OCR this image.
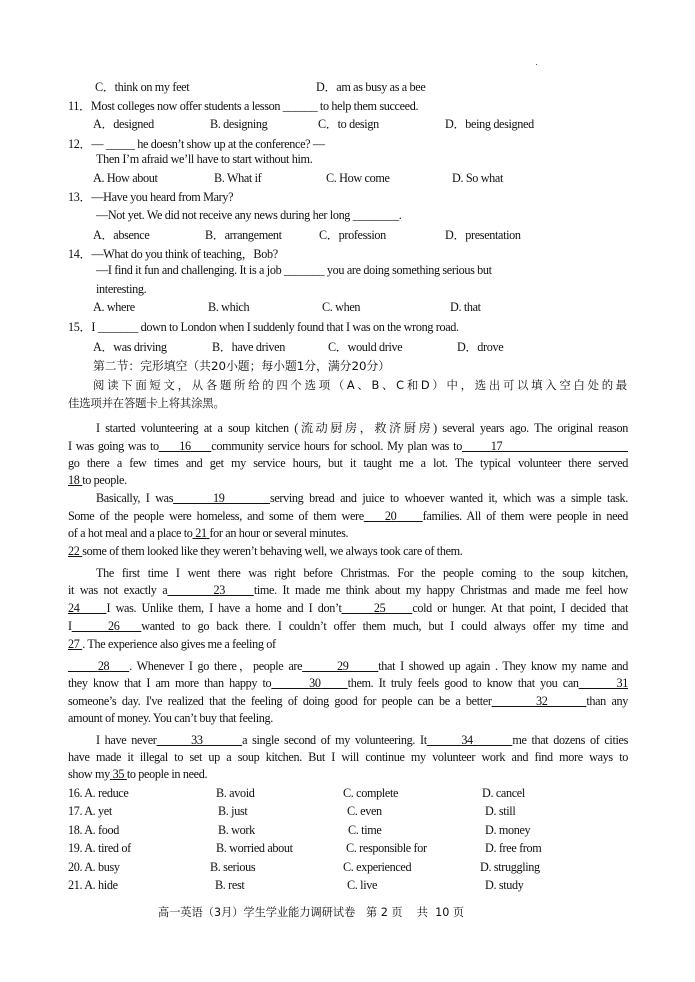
C．think on my feet	D．am as busy as a bee
11．Most colleges now offer students a lesson ______ to help them succeed.
A．designed	B. designing	C．to design	D．being designed
12．— _____ he doesn’t show up at the conference? —
Then I’m afraid we’ll have to start without him.
A. How about	B. What if	C. How come	D. So what
13．—Have you heard from Mary?
—Not yet. We did not receive any news during her long ________.
A．absence	B．arrangement	C．profession	D．presentation
14．—What do you think of teaching，Bob?
—I find it fun and challenging. It is a job _______ you are doing something serious but
interesting.
A. where	B. which	C. when	D. that
15．I _______ down to London when I suddenly found that I was on the wrong road.
A．was driving	B．have driven	C．would drive	D．drove
第二节：完形填空（共20小题；每小题1分，满分20分）
阅读下面短文，从各题所给的四个选项（A、B、C和D）中，选出可以填入空白处的最
佳选项并在答题卡上将其涂黑。
I started volunteering at a soup kitchen (流动厨房，救济厨房) several years ago. The original reason
I was going was to 16 community service hours for school. My plan was to 17
go there a few times and get my service hours, but it taught me a lot. The typical volunteer there served
18 to people.
Basically, I was	19	serving bread and juice to whoever wanted it, which was a simple task.
Some of the people were homeless, and some of them were 20 families. All of them were people in need
of a hot meal and a place to 21 for an hour or several minutes.
22 some of them looked like they weren’t behaving well, we always took care of them.
The first time I went there was right before Christmas. For the people coming to the soup kitchen,
it was not exactly a	23 time. It made me think about my happy Christmas and made me feel how
24 I was. Unlike them, I have a home and I don’t	25 cold or hunger. At that point, I decided that
I	26 wanted to go back there. I couldn’t offer them much, but I could always offer my time and
27 . The experience also gives me a feeling of
28 . Whenever I go there，people are	29 that I showed up again . They know my name and
they know that I am more than happy to	30 them. It truly feels good to know that you can	31
someone’s day. I've realized that the feeling of doing good for people can be a better	32	than any
amount of money. You can’t buy that feeling.
I have never	33	a single second of my volunteering. It	34	me that dozens of cities
have made it illegal to set up a soup kitchen. But I will continue my volunteer work and find more ways to
show my 35 to people in need.
16. A. reduce	B. avoid	C. complete	D. cancel
17. A. yet	B. just	C. even	D. still
18. A. food	B. work	C. time	D. money
19. A. tired of	B. worried about	C. responsible for	D. free from
20. A. busy	B. serious	C. experienced	D. struggling
21. A. hide	B. rest	C. live	D. study
高一英语（3月）学生学业能力调研试卷   第 2 页    共  10 页
